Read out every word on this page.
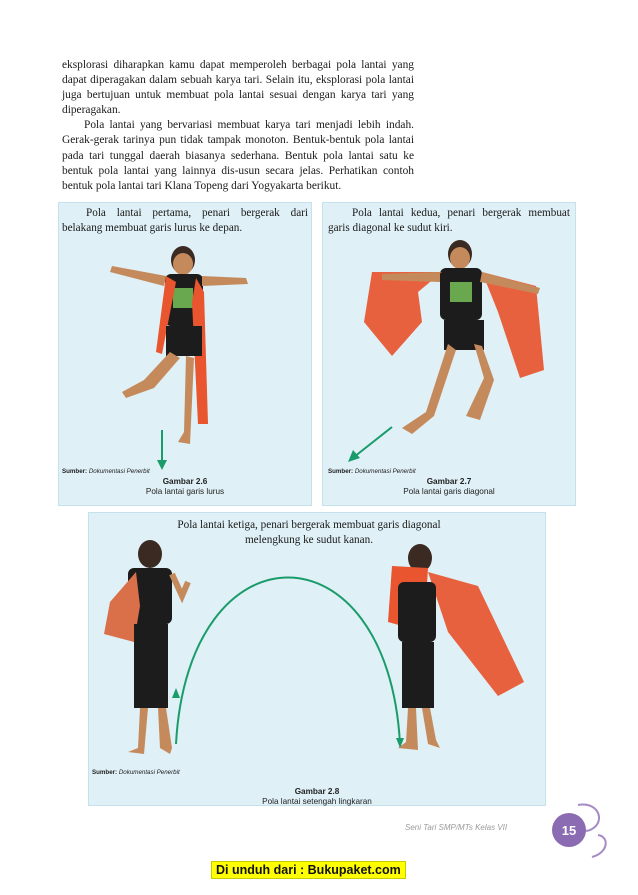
eksplorasi diharapkan kamu dapat memperoleh berbagai pola lantai yang dapat diperagakan dalam sebuah karya tari. Selain itu, eksplorasi pola lantai juga bertujuan untuk membuat pola lantai sesuai dengan karya tari yang diperagakan.

Pola lantai yang bervariasi membuat karya tari menjadi lebih indah. Gerak-gerak tarinya pun tidak tampak monoton. Bentuk-bentuk pola lantai pada tari tunggal daerah biasanya sederhana. Bentuk pola lantai satu ke bentuk pola lantai yang lainnya dis-usun secara jelas. Perhatikan contoh bentuk pola lantai tari Klana Topeng dari Yogyakarta berikut.

Pola lantai pertama, penari bergerak dari belakang membuat garis lurus ke depan.
Sumber: Dokumentasi Penerbit
Gambar 2.6
Pola lantai garis lurus
Pola lantai kedua, penari bergerak membuat garis diagonal ke sudut kiri.
Sumber: Dokumentasi Penerbit
Gambar 2.7
Pola lantai garis diagonal
Pola lantai ketiga, penari bergerak membuat garis diagonal melengkung ke sudut kanan.
Sumber: Dokumentasi Penerbit
Gambar 2.8
Pola lantai setengah lingkaran
Seni Tari SMP/MTs Kelas VII	15
Di unduh dari : Bukupaket.com
